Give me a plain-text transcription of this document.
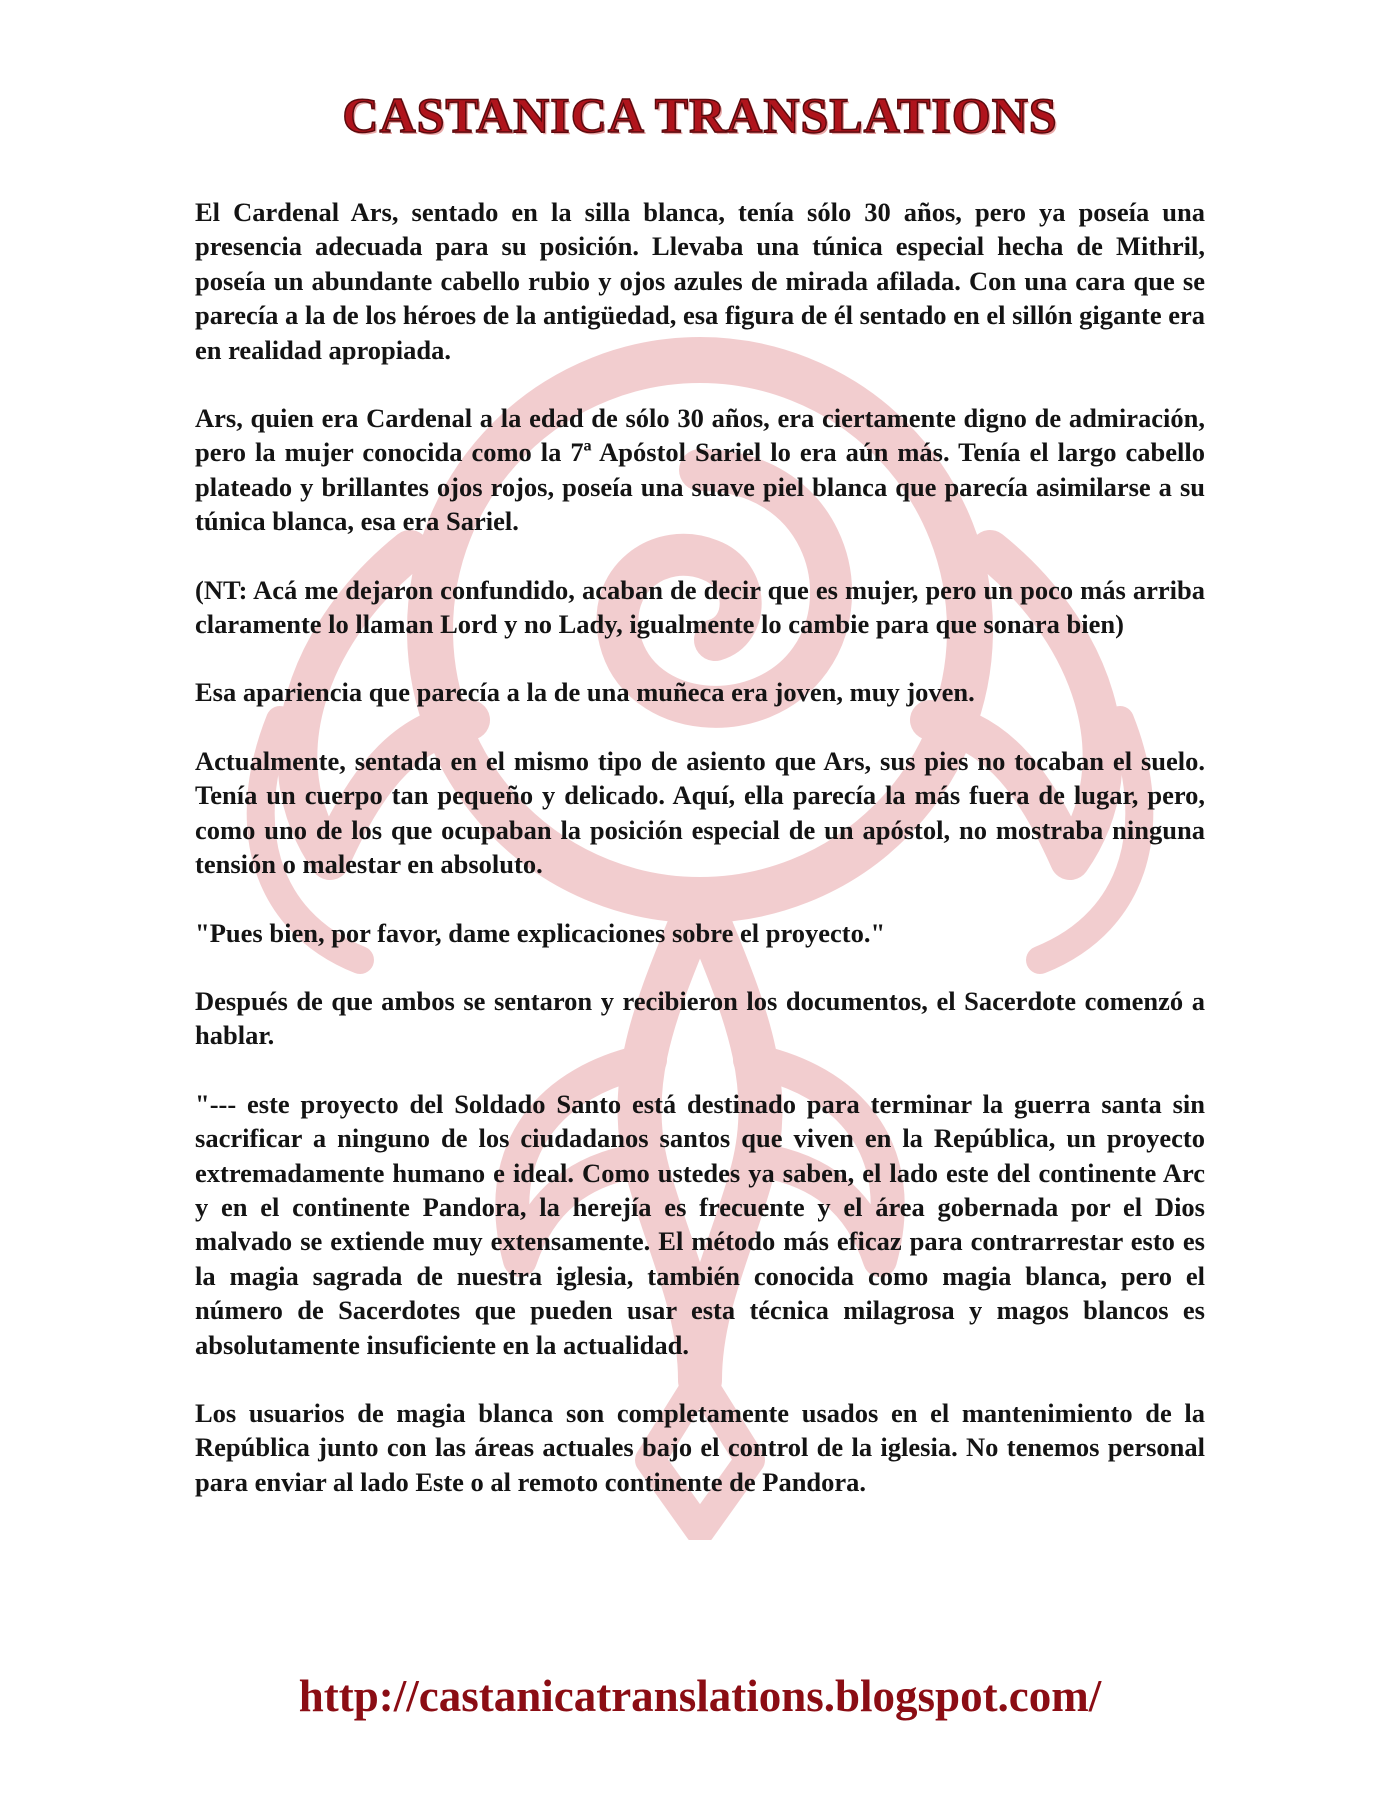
CASTANICA TRANSLATIONS

El Cardenal Ars, sentado en la silla blanca, tenía sólo 30 años, pero ya poseía una presencia adecuada para su posición. Llevaba una túnica especial hecha de Mithril, poseía un abundante cabello rubio y ojos azules de mirada afilada. Con una cara que se parecía a la de los héroes de la antigüedad, esa figura de él sentado en el sillón gigante era en realidad apropiada.

Ars, quien era Cardenal a la edad de sólo 30 años, era ciertamente digno de admiración, pero la mujer conocida como la 7ª Apóstol Sariel lo era aún más. Tenía el largo cabello plateado y brillantes ojos rojos, poseía una suave piel blanca que parecía asimilarse a su túnica blanca, esa era Sariel.

(NT: Acá me dejaron confundido, acaban de decir que es mujer, pero un poco más arriba claramente lo llaman Lord y no Lady, igualmente lo cambie para que sonara bien)

Esa apariencia que parecía a la de una muñeca era joven, muy joven.

Actualmente, sentada en el mismo tipo de asiento que Ars, sus pies no tocaban el suelo. Tenía un cuerpo tan pequeño y delicado. Aquí, ella parecía la más fuera de lugar, pero, como uno de los que ocupaban la posición especial de un apóstol, no mostraba ninguna tensión o malestar en absoluto.

"Pues bien, por favor, dame explicaciones sobre el proyecto."

Después de que ambos se sentaron y recibieron los documentos, el Sacerdote comenzó a hablar.

"--- este proyecto del Soldado Santo está destinado para terminar la guerra santa sin sacrificar a ninguno de los ciudadanos santos que viven en la República, un proyecto extremadamente humano e ideal. Como ustedes ya saben, el lado este del continente Arc y en el continente Pandora, la herejía es frecuente y el área gobernada por el Dios malvado se extiende muy extensamente. El método más eficaz para contrarrestar esto es la magia sagrada de nuestra iglesia, también conocida como magia blanca, pero el número de Sacerdotes que pueden usar esta técnica milagrosa y magos blancos es absolutamente insuficiente en la actualidad.

Los usuarios de magia blanca son completamente usados en el mantenimiento de la República junto con las áreas actuales bajo el control de la iglesia. No tenemos personal para enviar al lado Este o al remoto continente de Pandora.

http://castanicatranslations.blogspot.com/
